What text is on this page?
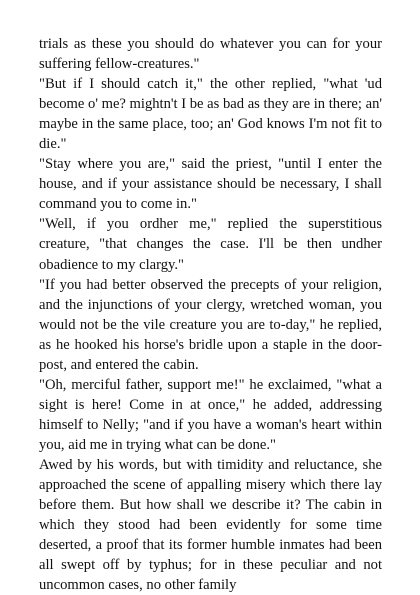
trials as these you should do whatever you can for your suffering fellow-creatures."

"But if I should catch it," the other replied, "what 'ud become o' me? mightn't I be as bad as they are in there; an' maybe in the same place, too; an' God knows I'm not fit to die."

"Stay where you are," said the priest, "until I enter the house, and if your assistance should be necessary, I shall command you to come in."

"Well, if you ordher me," replied the superstitious creature, "that changes the case. I'll be then undher obadience to my clargy."

"If you had better observed the precepts of your religion, and the injunctions of your clergy, wretched woman, you would not be the vile creature you are to-day," he replied, as he hooked his horse's bridle upon a staple in the door-post, and entered the cabin.

"Oh, merciful father, support me!" he exclaimed, "what a sight is here! Come in at once," he added, addressing himself to Nelly; "and if you have a woman's heart within you, aid me in trying what can be done."

Awed by his words, but with timidity and reluctance, she approached the scene of appalling misery which there lay before them. But how shall we describe it? The cabin in which they stood had been evidently for some time deserted, a proof that its former humble inmates had been all swept off by typhus; for in these peculiar and not uncommon cases, no other family
